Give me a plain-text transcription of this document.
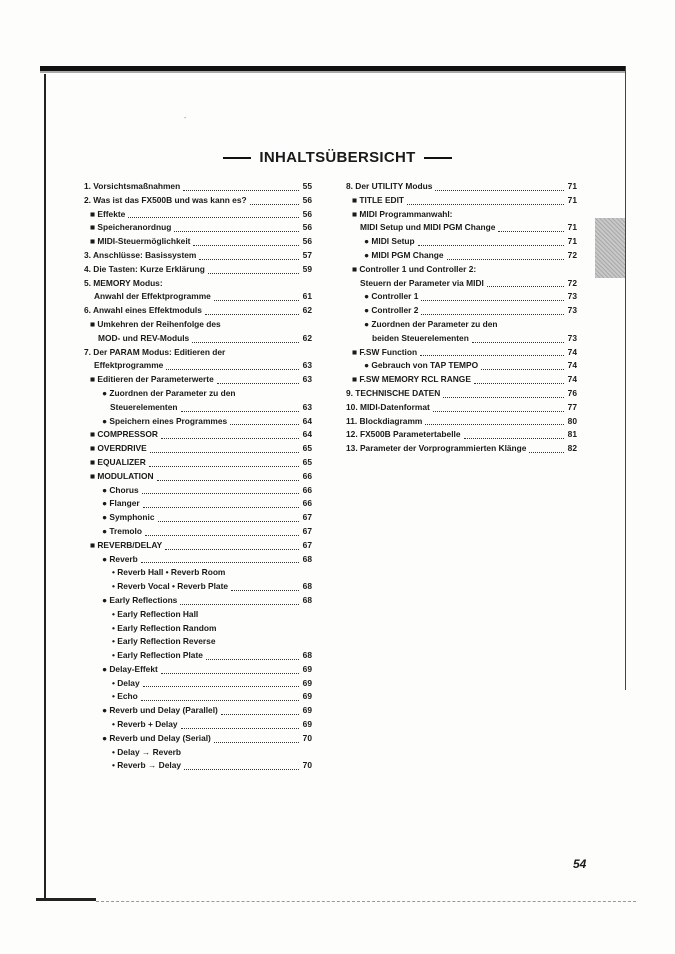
-
INHALTSÜBERSICHT
1. Vorsichtsmaßnahmen	55
2. Was ist das FX500B und was kann es?	56
■ Effekte	56
■ Speicheranordnug	56
■ MIDI-Steuermöglichkeit	56
3. Anschlüsse: Basissystem	57
4. Die Tasten: Kurze Erklärung	59
5. MEMORY Modus:
Anwahl der Effektprogramme	61
6. Anwahl eines Effektmoduls	62
■ Umkehren der Reihenfolge des
MOD- und REV-Moduls	62
7. Der PARAM Modus: Editieren der
Effektprogramme	63
■ Editieren der Parameterwerte	63
● Zuordnen der Parameter zu den
Steuerelementen	63
● Speichern eines Programmes	64
■ COMPRESSOR	64
■ OVERDRIVE	65
■ EQUALIZER	65
■ MODULATION	66
● Chorus	66
● Flanger	66
● Symphonic	67
● Tremolo	67
■ REVERB/DELAY	67
● Reverb	68
• Reverb Hall • Reverb Room
• Reverb Vocal • Reverb Plate	68
● Early Reflections	68
• Early Reflection Hall
• Early Reflection Random
• Early Reflection Reverse
• Early Reflection Plate	68
● Delay-Effekt	69
• Delay	69
• Echo	69
● Reverb und Delay (Parallel)	69
• Reverb + Delay	69
● Reverb und Delay (Serial)	70
• Delay → Reverb
• Reverb → Delay	70
8. Der UTILITY Modus	71
■ TITLE EDIT	71
■ MIDI Programmanwahl:
MIDI Setup und MIDI PGM Change	71
● MIDI Setup	71
● MIDI PGM Change	72
■ Controller 1 und Controller 2:
Steuern der Parameter via MIDI	72
● Controller 1	73
● Controller 2	73
● Zuordnen der Parameter zu den
beiden Steuerelementen	73
■ F.SW Function	74
● Gebrauch von TAP TEMPO	74
■ F.SW MEMORY RCL RANGE	74
9. TECHNISCHE DATEN	76
10. MIDI-Datenformat	77
11. Blockdiagramm	80
12. FX500B Parametertabelle	81
13. Parameter der Vorprogrammierten Klänge	82
54
